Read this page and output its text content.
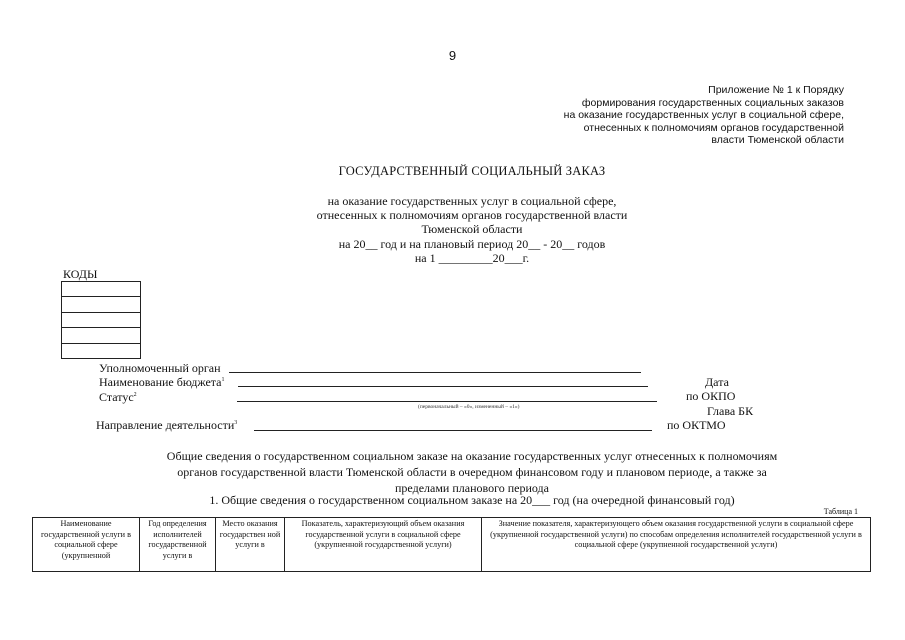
9
Приложение № 1 к Порядку
формирования государственных социальных заказов
на оказание государственных услуг в социальной сфере,
отнесенных к полномочиям органов государственной
власти Тюменской области
ГОСУДАРСТВЕННЫЙ СОЦИАЛЬНЫЙ ЗАКАЗ
на оказание государственных услуг в социальной сфере,
отнесенных к полномочиям органов государственной власти
Тюменской области
на 20__ год и на плановый период 20__ - 20__ годов
на 1 _________20___г.
КОДЫ
Уполномоченный орган
Наименование бюджета$^1$
Статус$^2$
(первоначальный – «0», измененный – «1»)
Направление деятельности$^3$
Дата
по ОКПО
Глава БК
по ОКТМО
Общие сведения о государственном социальном заказе на оказание государственных услуг отнесенных к полномочиям
органов государственной власти Тюменской области в очередном финансовом году и плановом периоде, а также за
пределами планового периода
1. Общие сведения о государственном социальном заказе на 20___ год (на очередной финансовый год)
Таблица 1
Наименование государственной услуги в социальной сфере (укрупненной	Год определения исполнителей государственной услуги в	Место оказания государствен ной услуги в	Показатель, характеризующий объем оказания государственной услуги в социальной сфере (укрупненной государственной услуги)	Значение показателя, характеризующего объем оказания государственной услуги в социальной сфере (укрупненной государственной услуги) по способам определения исполнителей государственной услуги в социальной сфере (укрупненной государственной услуги)
